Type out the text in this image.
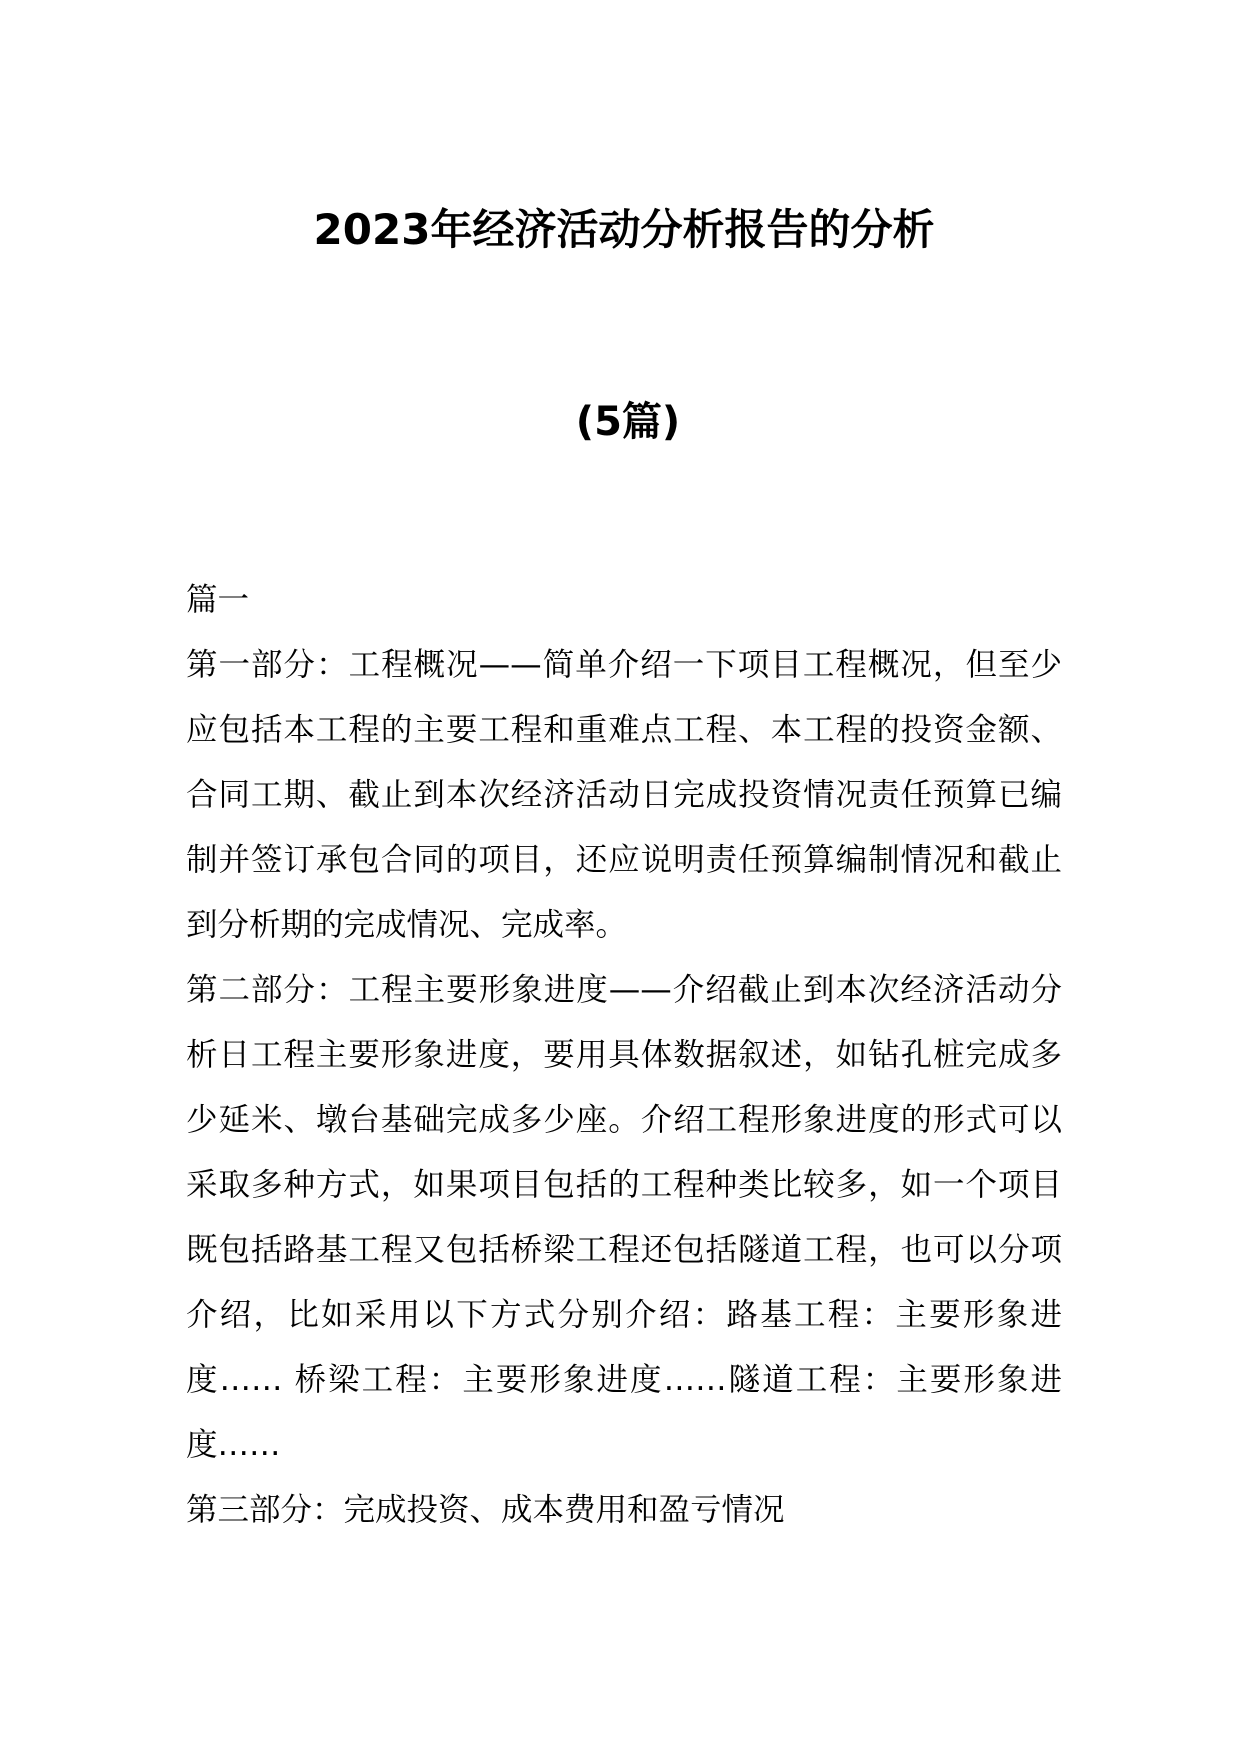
2023年经济活动分析报告的分析
(5篇)

篇一

第一部分：工程概况——简单介绍一下项目工程概况，但至少应包括本工程的主要工程和重难点工程、本工程的投资金额、合同工期、截止到本次经济活动日完成投资情况责任预算已编制并签订承包合同的项目，还应说明责任预算编制情况和截止到分析期的完成情况、完成率。

第二部分：工程主要形象进度——介绍截止到本次经济活动分析日工程主要形象进度，要用具体数据叙述，如钻孔桩完成多少延米、墩台基础完成多少座。介绍工程形象进度的形式可以采取多种方式，如果项目包括的工程种类比较多，如一个项目既包括路基工程又包括桥梁工程还包括隧道工程，也可以分项介绍，比如采用以下方式分别介绍：路基工程：主要形象进度…… 桥梁工程：主要形象进度……隧道工程：主要形象进度……

第三部分：完成投资、成本费用和盈亏情况
